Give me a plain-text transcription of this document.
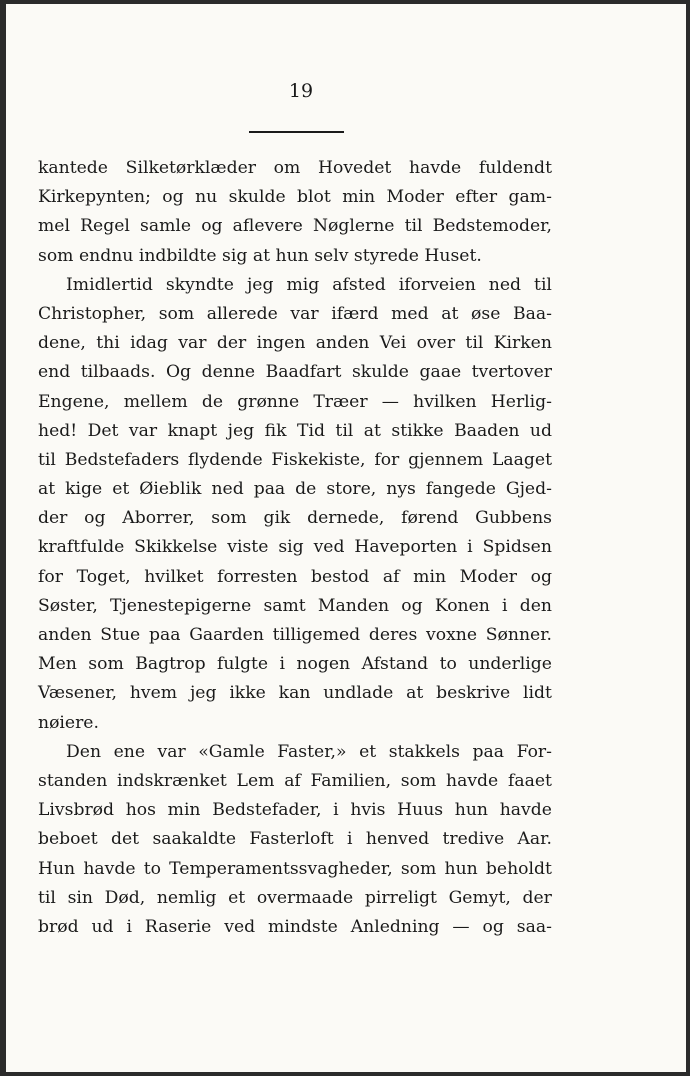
19
kantede Silketørklæder om Hovedet havde fuldendt
Kirkepynten; og nu skulde blot min Moder efter gam-
mel Regel samle og aflevere Nøglerne til Bedstemoder,
som endnu indbildte sig at hun selv styrede Huset.
Imidlertid skyndte jeg mig afsted iforveien ned til
Christopher, som allerede var ifærd med at øse Baa-
dene, thi idag var der ingen anden Vei over til Kirken
end tilbaads. Og denne Baadfart skulde gaae tvertover
Engene, mellem de grønne Træer — hvilken Herlig-
hed! Det var knapt jeg fik Tid til at stikke Baaden ud
til Bedstefaders flydende Fiskekiste, for gjennem Laaget
at kige et Øieblik ned paa de store, nys fangede Gjed-
der og Aborrer, som gik dernede, førend Gubbens
kraftfulde Skikkelse viste sig ved Haveporten i Spidsen
for Toget, hvilket forresten bestod af min Moder og
Søster, Tjenestepigerne samt Manden og Konen i den
anden Stue paa Gaarden tilligemed deres voxne Sønner.
Men som Bagtrop fulgte i nogen Afstand to underlige
Væsener, hvem jeg ikke kan undlade at beskrive lidt
nøiere.
Den ene var «Gamle Faster,» et stakkels paa For-
standen indskrænket Lem af Familien, som havde faaet
Livsbrød hos min Bedstefader, i hvis Huus hun havde
beboet det saakaldte Fasterloft i henved tredive Aar.
Hun havde to Temperamentssvagheder, som hun beholdt
til sin Død, nemlig et overmaade pirreligt Gemyt, der
brød ud i Raserie ved mindste Anledning — og saa-
